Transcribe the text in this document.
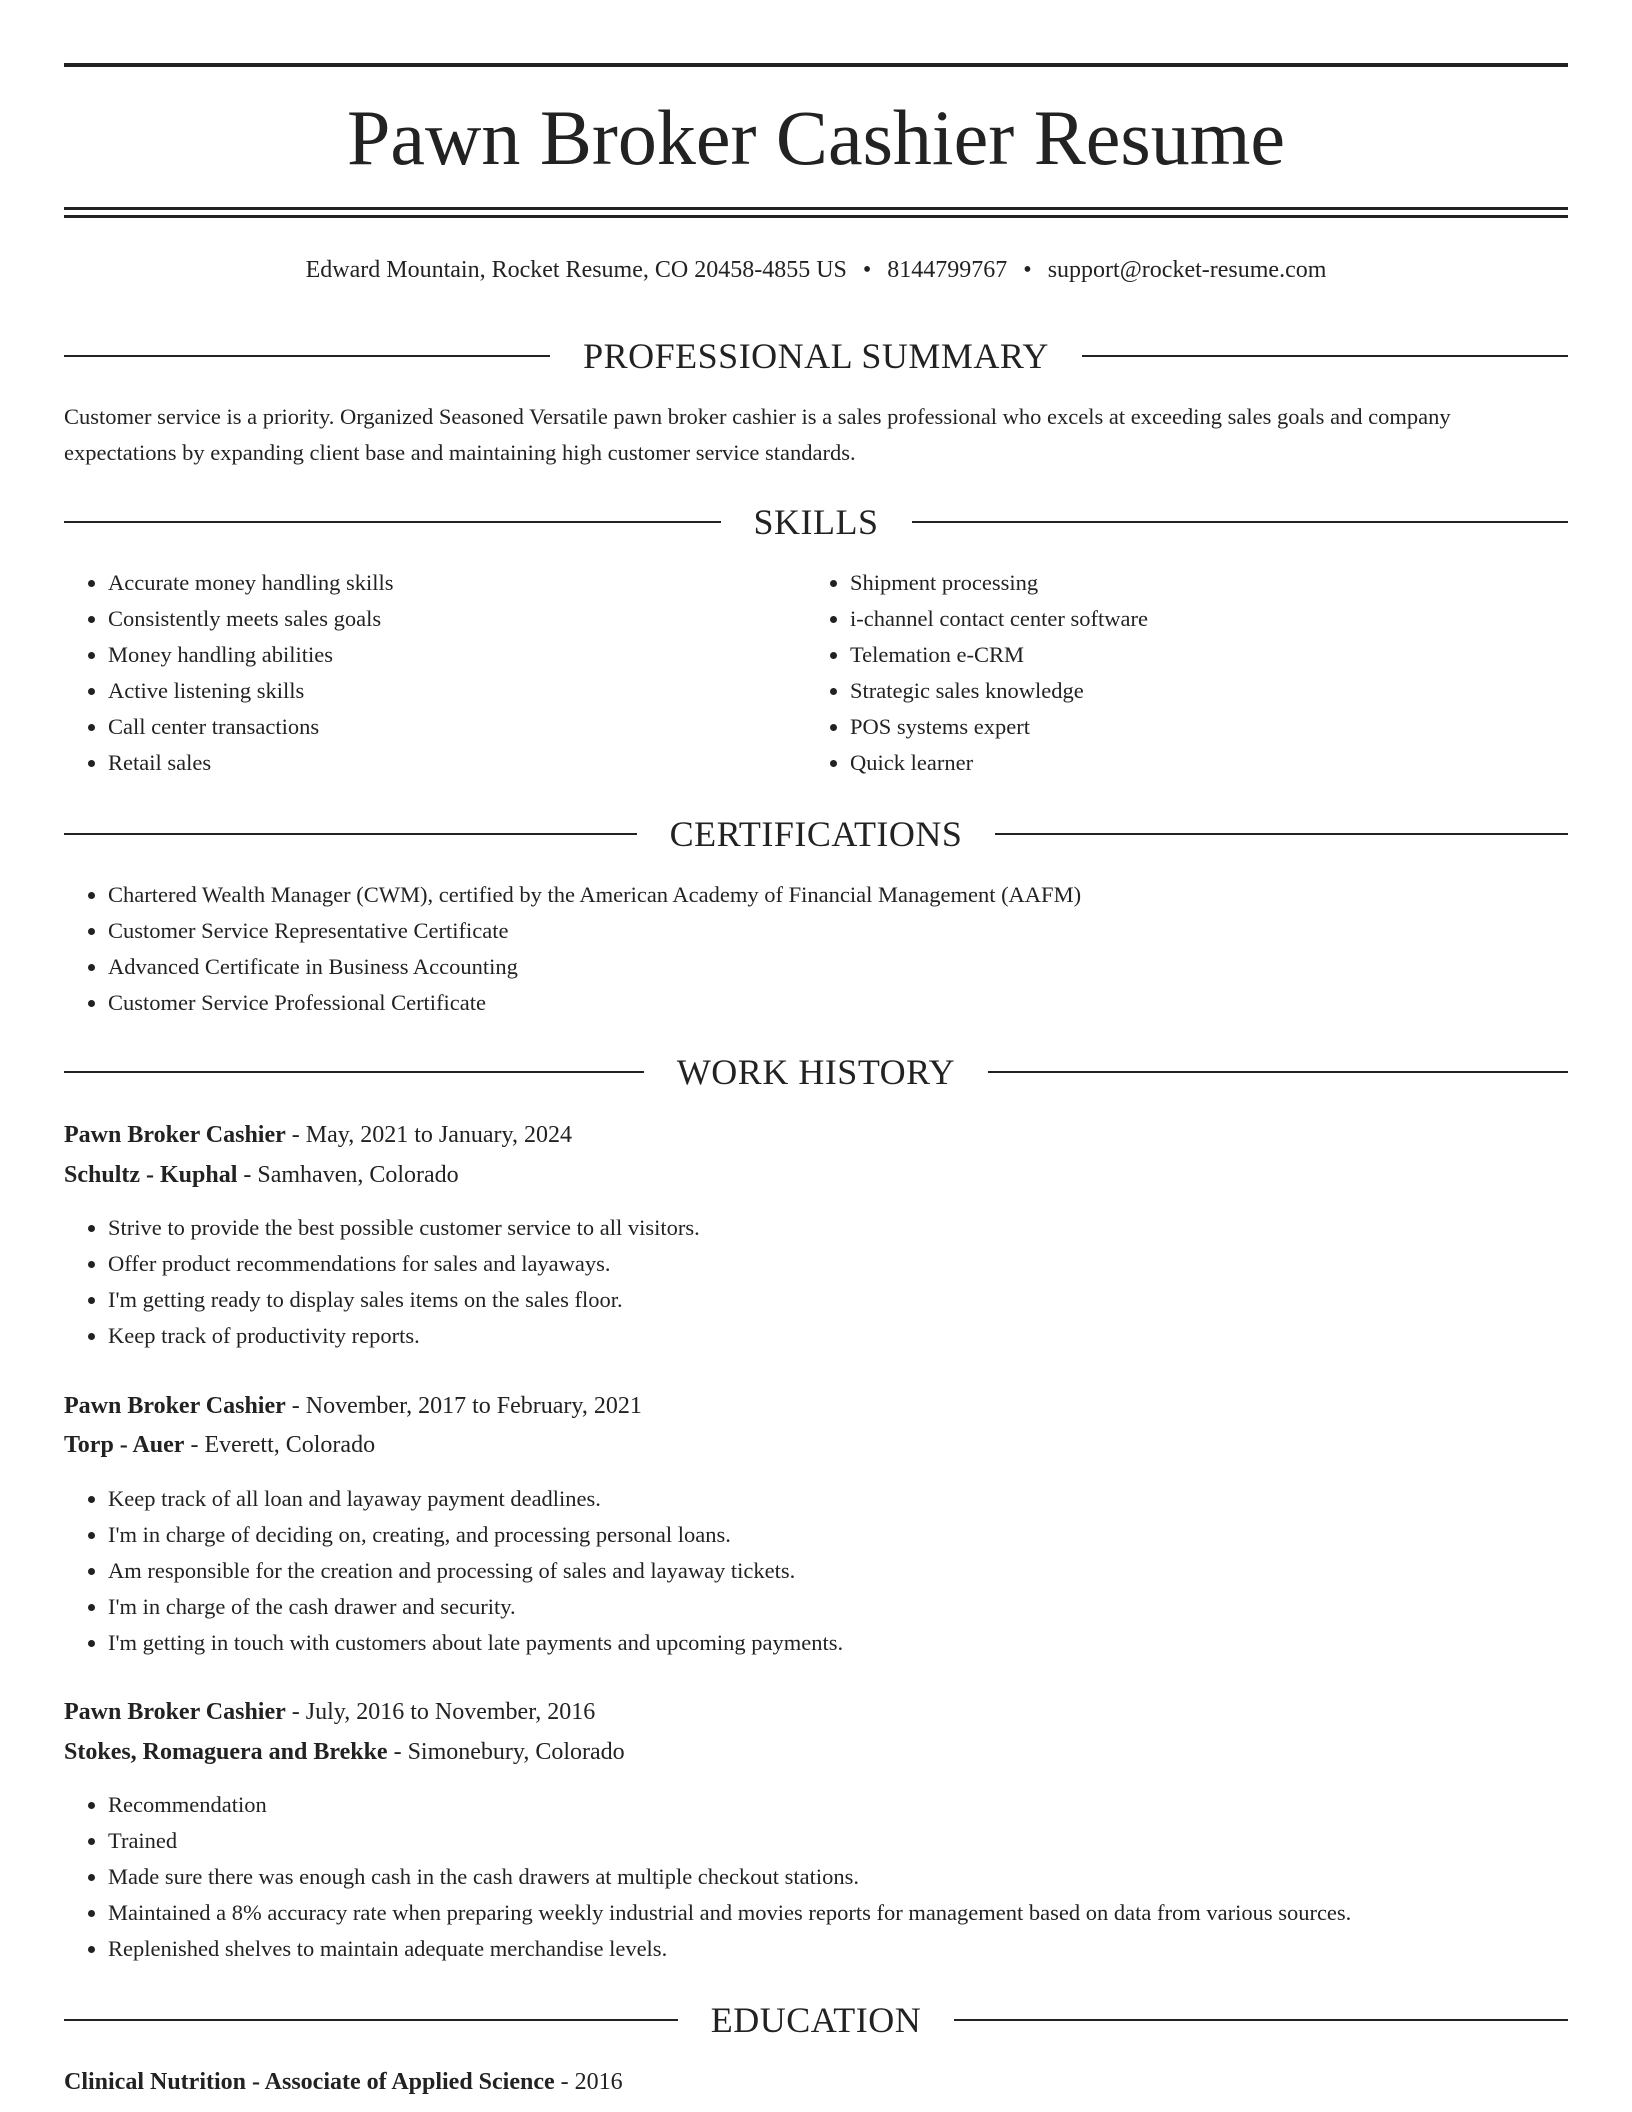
Pawn Broker Cashier Resume
Edward Mountain, Rocket Resume, CO 20458-4855 US • 8144799767 • support@rocket-resume.com
PROFESSIONAL SUMMARY

Customer service is a priority. Organized Seasoned Versatile pawn broker cashier is a sales professional who excels at exceeding sales goals and company expectations by expanding client base and maintaining high customer service standards.

SKILLS
• Accurate money handling skills
• Consistently meets sales goals
• Money handling abilities
• Active listening skills
• Call center transactions
• Retail sales
• Shipment processing
• i-channel contact center software
• Telemation e-CRM
• Strategic sales knowledge
• POS systems expert
• Quick learner
CERTIFICATIONS
• Chartered Wealth Manager (CWM), certified by the American Academy of Financial Management (AAFM)
• Customer Service Representative Certificate
• Advanced Certificate in Business Accounting
• Customer Service Professional Certificate
WORK HISTORY
Pawn Broker Cashier - May, 2021 to January, 2024
Schultz - Kuphal - Samhaven, Colorado
• Strive to provide the best possible customer service to all visitors.
• Offer product recommendations for sales and layaways.
• I'm getting ready to display sales items on the sales floor.
• Keep track of productivity reports.
Pawn Broker Cashier - November, 2017 to February, 2021
Torp - Auer - Everett, Colorado
• Keep track of all loan and layaway payment deadlines.
• I'm in charge of deciding on, creating, and processing personal loans.
• Am responsible for the creation and processing of sales and layaway tickets.
• I'm in charge of the cash drawer and security.
• I'm getting in touch with customers about late payments and upcoming payments.
Pawn Broker Cashier - July, 2016 to November, 2016
Stokes, Romaguera and Brekke - Simonebury, Colorado
• Recommendation
• Trained
• Made sure there was enough cash in the cash drawers at multiple checkout stations.
• Maintained a 8% accuracy rate when preparing weekly industrial and movies reports for management based on data from various sources.
• Replenished shelves to maintain adequate merchandise levels.
EDUCATION
Clinical Nutrition - Associate of Applied Science - 2016
